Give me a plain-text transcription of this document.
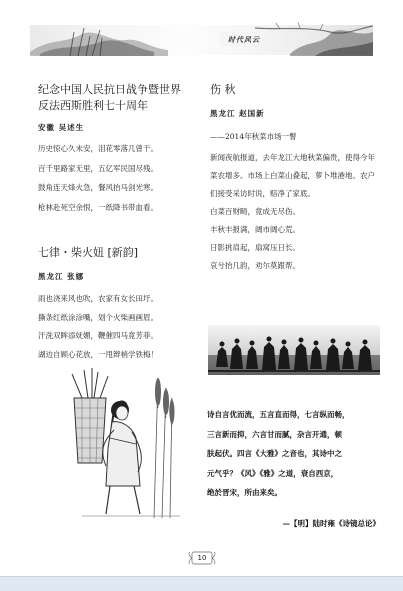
时代风云

纪念中国人民抗日战争暨世界

反法西斯胜利七十周年

安徽 吴述生
历史惊心久未安，泪花零落几曾干。
百千里路家无里，五亿军民国尽残。
鼓角连天烽火急，餐风抬马剑光寒。
枪林赴死空余恨，一纸降书带血看。

七律・柴火妞 [新韵]

黑龙江 张娜
雨也浇来风也吹，农家有女长田圩。
撕条红纸涂涂嘴，划个火柴画画眉。
汗洗双眸添妩媚，鞭催四马竟芳菲。
湖边自顾心花放，一甩辫梢学铁梅！

伤 秋

黑龙江 赵国新
——2014年秋菜市场一瞥
新闻夜航报道，去年龙江大地秋菜偏贵，使得今年菜农增多。市场上白菜山叠起，萝卜堆港地。农户们接受采访时说，赔净了家底。
白菜百财畸，竟成无尽伤。
丰秋丰报满，阔市阔心荒。
日影挑肩起，扇窝压日长。
哀兮抬几韵，劝尔莫跟帮。
诗自言优而流，五言直而得，七言纵而畅，
三言新而抑，六言甘而腻，杂言开通，顿
肤起伏。四言《大雅》之音也，其诗中之
元气乎？《风》《雅》之道，衰自西京，
绝於晋宋，所由来矣。
—【明】陆时雍《诗镜总论》
10
